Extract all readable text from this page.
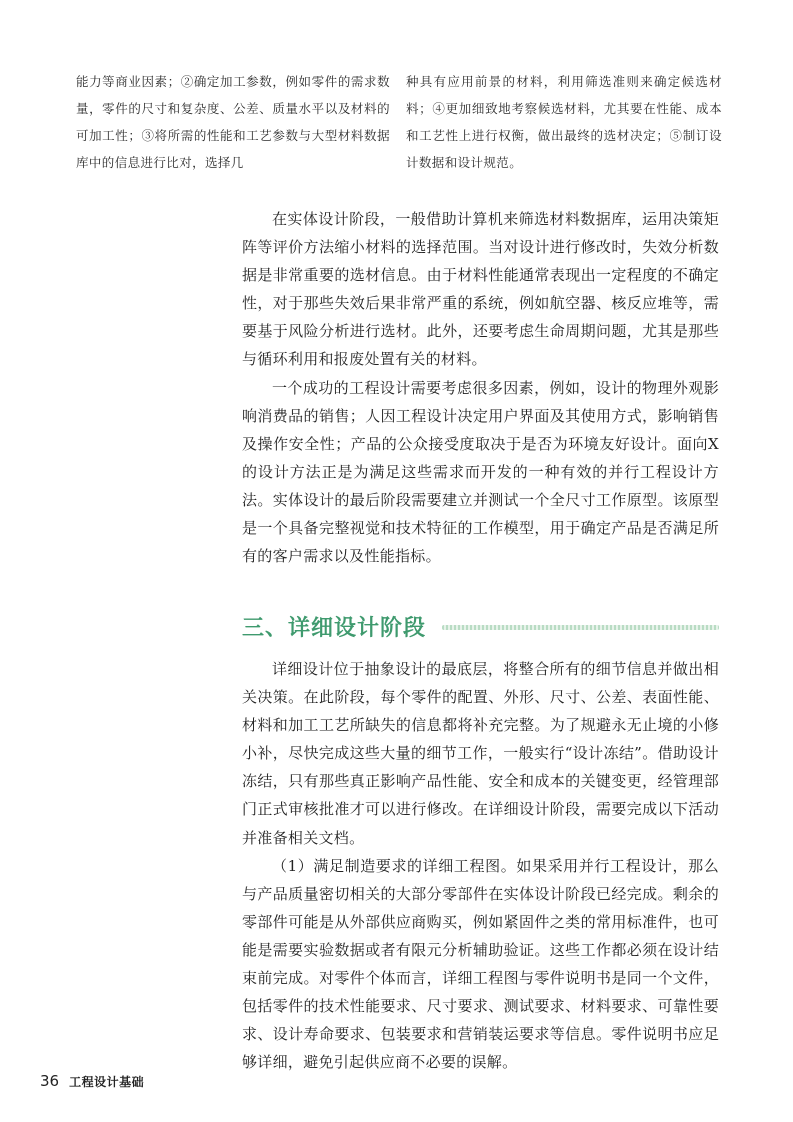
能力等商业因素；②确定加工参数，例如零件的需求数量，零件的尺寸和复杂度、公差、质量水平以及材料的可加工性；③将所需的性能和工艺参数与大型材料数据库中的信息进行比对，选择几

种具有应用前景的材料，利用筛选准则来确定候选材料；④更加细致地考察候选材料，尤其要在性能、成本和工艺性上进行权衡，做出最终的选材决定；⑤制订设计数据和设计规范。

在实体设计阶段，一般借助计算机来筛选材料数据库，运用决策矩阵等评价方法缩小材料的选择范围。当对设计进行修改时，失效分析数据是非常重要的选材信息。由于材料性能通常表现出一定程度的不确定性，对于那些失效后果非常严重的系统，例如航空器、核反应堆等，需要基于风险分析进行选材。此外，还要考虑生命周期问题，尤其是那些与循环利用和报废处置有关的材料。

一个成功的工程设计需要考虑很多因素，例如，设计的物理外观影响消费品的销售；人因工程设计决定用户界面及其使用方式，影响销售及操作安全性；产品的公众接受度取决于是否为环境友好设计。面向X的设计方法正是为满足这些需求而开发的一种有效的并行工程设计方法。实体设计的最后阶段需要建立并测试一个全尺寸工作原型。该原型是一个具备完整视觉和技术特征的工作模型，用于确定产品是否满足所有的客户需求以及性能指标。

三、详细设计阶段

详细设计位于抽象设计的最底层，将整合所有的细节信息并做出相关决策。在此阶段，每个零件的配置、外形、尺寸、公差、表面性能、材料和加工工艺所缺失的信息都将补充完整。为了规避永无止境的小修小补，尽快完成这些大量的细节工作，一般实行“设计冻结”。借助设计冻结，只有那些真正影响产品性能、安全和成本的关键变更，经管理部门正式审核批准才可以进行修改。在详细设计阶段，需要完成以下活动并准备相关文档。

（1）满足制造要求的详细工程图。如果采用并行工程设计，那么与产品质量密切相关的大部分零部件在实体设计阶段已经完成。剩余的零部件可能是从外部供应商购买，例如紧固件之类的常用标准件，也可能是需要实验数据或者有限元分析辅助验证。这些工作都必须在设计结束前完成。对零件个体而言，详细工程图与零件说明书是同一个文件，包括零件的技术性能要求、尺寸要求、测试要求、材料要求、可靠性要求、设计寿命要求、包装要求和营销装运要求等信息。零件说明书应足够详细，避免引起供应商不必要的误解。

36 工程设计基础
